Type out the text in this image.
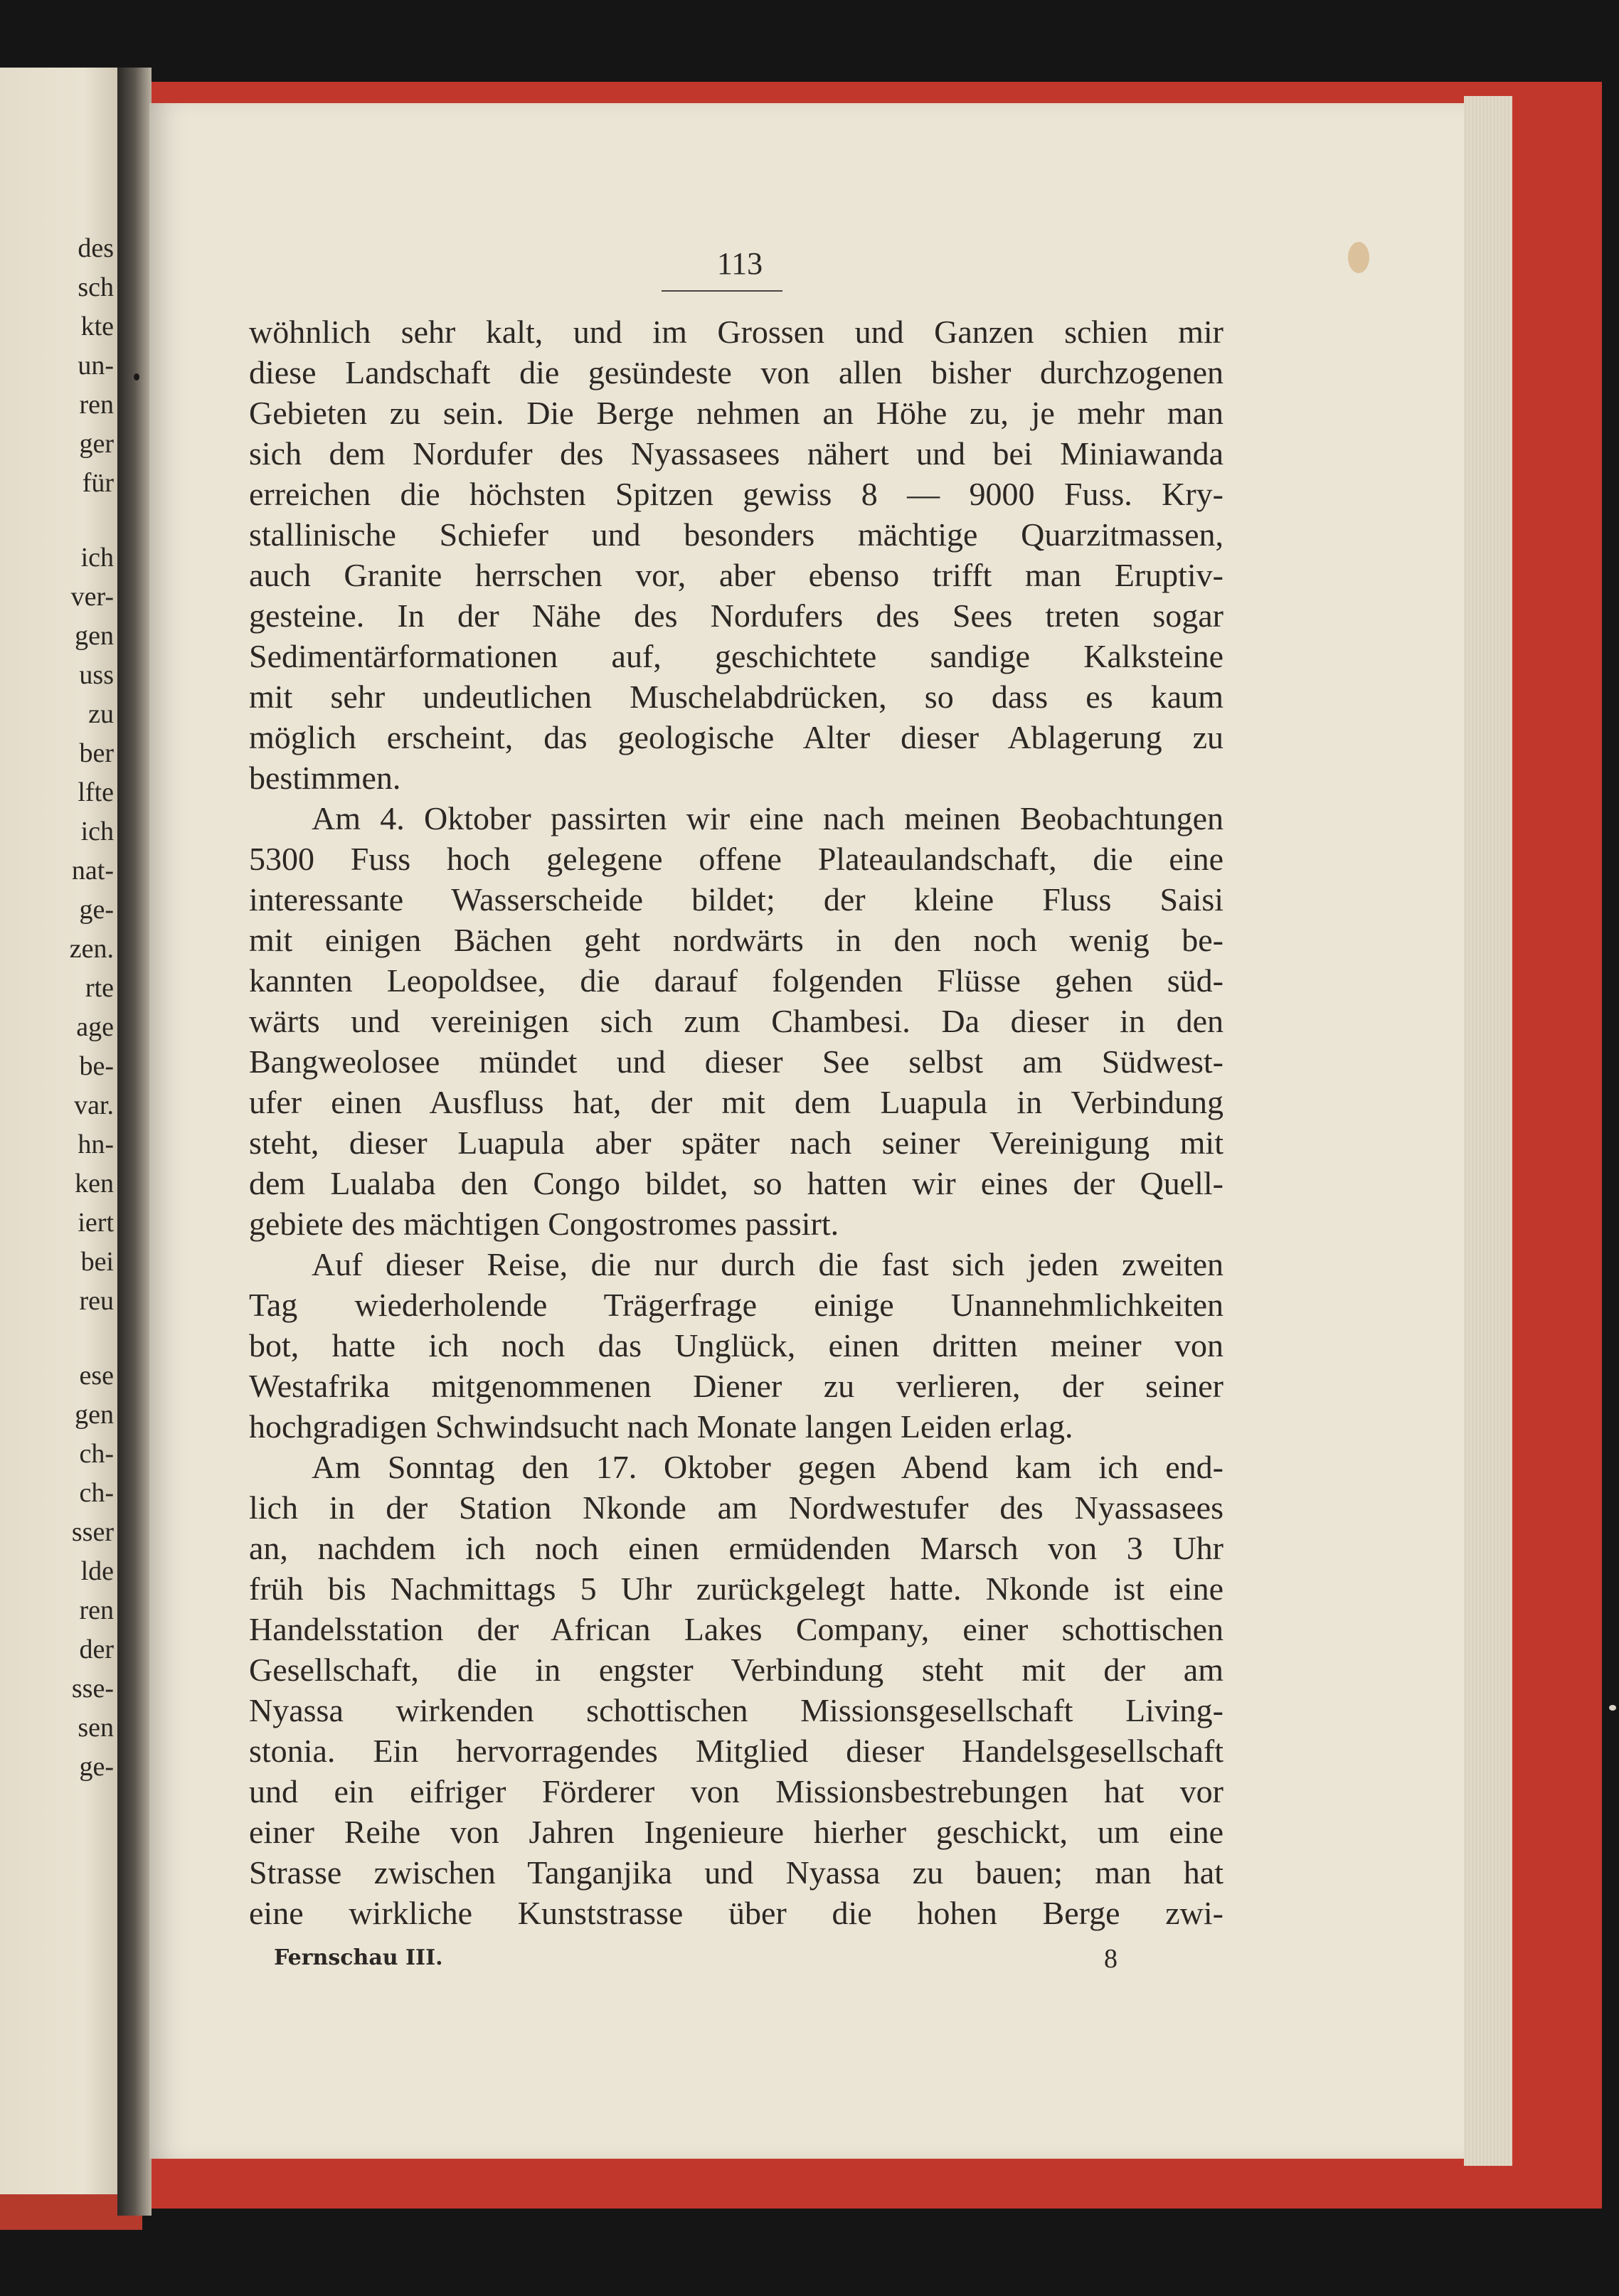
des
sch
kte
un-
ren
ger
für
ich
ver-
gen
uss
zu
ber
lfte
ich
nat-
ge-
zen.
rte
age
be-
var.
hn-
ken
iert
bei
reu
ese
gen
ch-
ch-
sser
lde
ren
der
sse-
sen
ge-
113
wöhnlich sehr kalt, und im Grossen und Ganzen schien mir
diese Landschaft die gesündeste von allen bisher durchzogenen
Gebieten zu sein. Die Berge nehmen an Höhe zu, je mehr man
sich dem Nordufer des Nyassasees nähert und bei Miniawanda
erreichen die höchsten Spitzen gewiss 8 — 9000 Fuss. Kry-
stallinische Schiefer und besonders mächtige Quarzitmassen,
auch Granite herrschen vor, aber ebenso trifft man Eruptiv-
gesteine. In der Nähe des Nordufers des Sees treten sogar
Sedimentärformationen auf, geschichtete sandige Kalksteine
mit sehr undeutlichen Muschelabdrücken, so dass es kaum
möglich erscheint, das geologische Alter dieser Ablagerung zu
bestimmen.
Am 4. Oktober passirten wir eine nach meinen Beobachtungen
5300 Fuss hoch gelegene offene Plateaulandschaft, die eine
interessante Wasserscheide bildet; der kleine Fluss Saisi
mit einigen Bächen geht nordwärts in den noch wenig be-
kannten Leopoldsee, die darauf folgenden Flüsse gehen süd-
wärts und vereinigen sich zum Chambesi. Da dieser in den
Bangweolosee mündet und dieser See selbst am Südwest-
ufer einen Ausfluss hat, der mit dem Luapula in Verbindung
steht, dieser Luapula aber später nach seiner Vereinigung mit
dem Lualaba den Congo bildet, so hatten wir eines der Quell-
gebiete des mächtigen Congostromes passirt.
Auf dieser Reise, die nur durch die fast sich jeden zweiten
Tag wiederholende Trägerfrage einige Unannehmlichkeiten
bot, hatte ich noch das Unglück, einen dritten meiner von
Westafrika mitgenommenen Diener zu verlieren, der seiner
hochgradigen Schwindsucht nach Monate langen Leiden erlag.
Am Sonntag den 17. Oktober gegen Abend kam ich end-
lich in der Station Nkonde am Nordwestufer des Nyassasees
an, nachdem ich noch einen ermüdenden Marsch von 3 Uhr
früh bis Nachmittags 5 Uhr zurückgelegt hatte. Nkonde ist eine
Handelsstation der African Lakes Company, einer schottischen
Gesellschaft, die in engster Verbindung steht mit der am
Nyassa wirkenden schottischen Missionsgesellschaft Living-
stonia. Ein hervorragendes Mitglied dieser Handelsgesellschaft
und ein eifriger Förderer von Missionsbestrebungen hat vor
einer Reihe von Jahren Ingenieure hierher geschickt, um eine
Strasse zwischen Tanganjika und Nyassa zu bauen; man hat
eine wirkliche Kunststrasse über die hohen Berge zwi-
Fernschau III.	8
